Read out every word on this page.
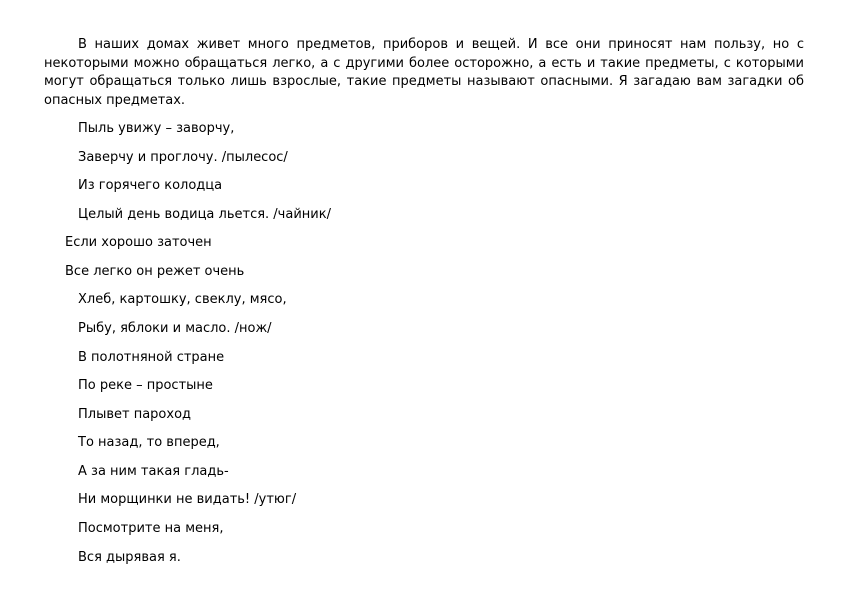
В наших домах живет много предметов, приборов и вещей. И все они приносят нам пользу, но с некоторыми можно обращаться легко, а с другими более осторожно, а есть и такие предметы, с которыми могут обращаться только лишь взрослые, такие предметы называют опасными. Я загадаю вам загадки об опасных предметах.

Пыль увижу – заворчу,

Заверчу и проглочу. /пылесос/

Из горячего колодца

Целый день водица льется. /чайник/

Если хорошо заточен

Все легко он режет очень

Хлеб, картошку, свеклу, мясо,

Рыбу, яблоки и масло. /нож/

В полотняной стране

По реке – простыне

Плывет пароход

То назад, то вперед,

А за ним такая гладь-

Ни морщинки не видать! /утюг/

Посмотрите на меня,

Вся дырявая я.
